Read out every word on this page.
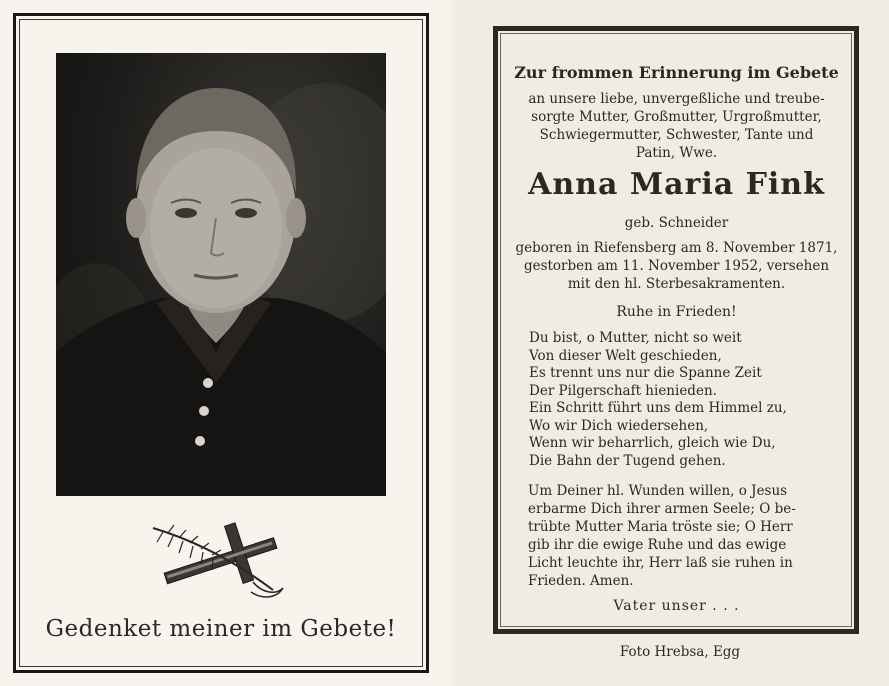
Gedenket meiner im Gebete!

Zur frommen Erinnerung im Gebete

an unsere liebe, unvergeßliche und treube-
sorgte Mutter, Großmutter, Urgroßmutter,
Schwiegermutter, Schwester, Tante und
Patin, Wwe.

Anna Maria Fink

geb. Schneider

geboren in Riefensberg am 8. November 1871,
gestorben am 11. November 1952, versehen
mit den hl. Sterbesakramenten.

Ruhe in Frieden!

Du bist, o Mutter, nicht so weit
Von dieser Welt geschieden,
Es trennt uns nur die Spanne Zeit
Der Pilgerschaft hienieden.
Ein Schritt führt uns dem Himmel zu,
Wo wir Dich wiedersehen,
Wenn wir beharrlich, gleich wie Du,
Die Bahn der Tugend gehen.
Um Deiner hl. Wunden willen, o Jesus
erbarme Dich ihrer armen Seele; O be-
trübte Mutter Maria tröste sie; O Herr
gib ihr die ewige Ruhe und das ewige
Licht leuchte ihr, Herr laß sie ruhen in
Frieden. Amen.

Vater unser . . .

Foto Hrebsa, Egg
